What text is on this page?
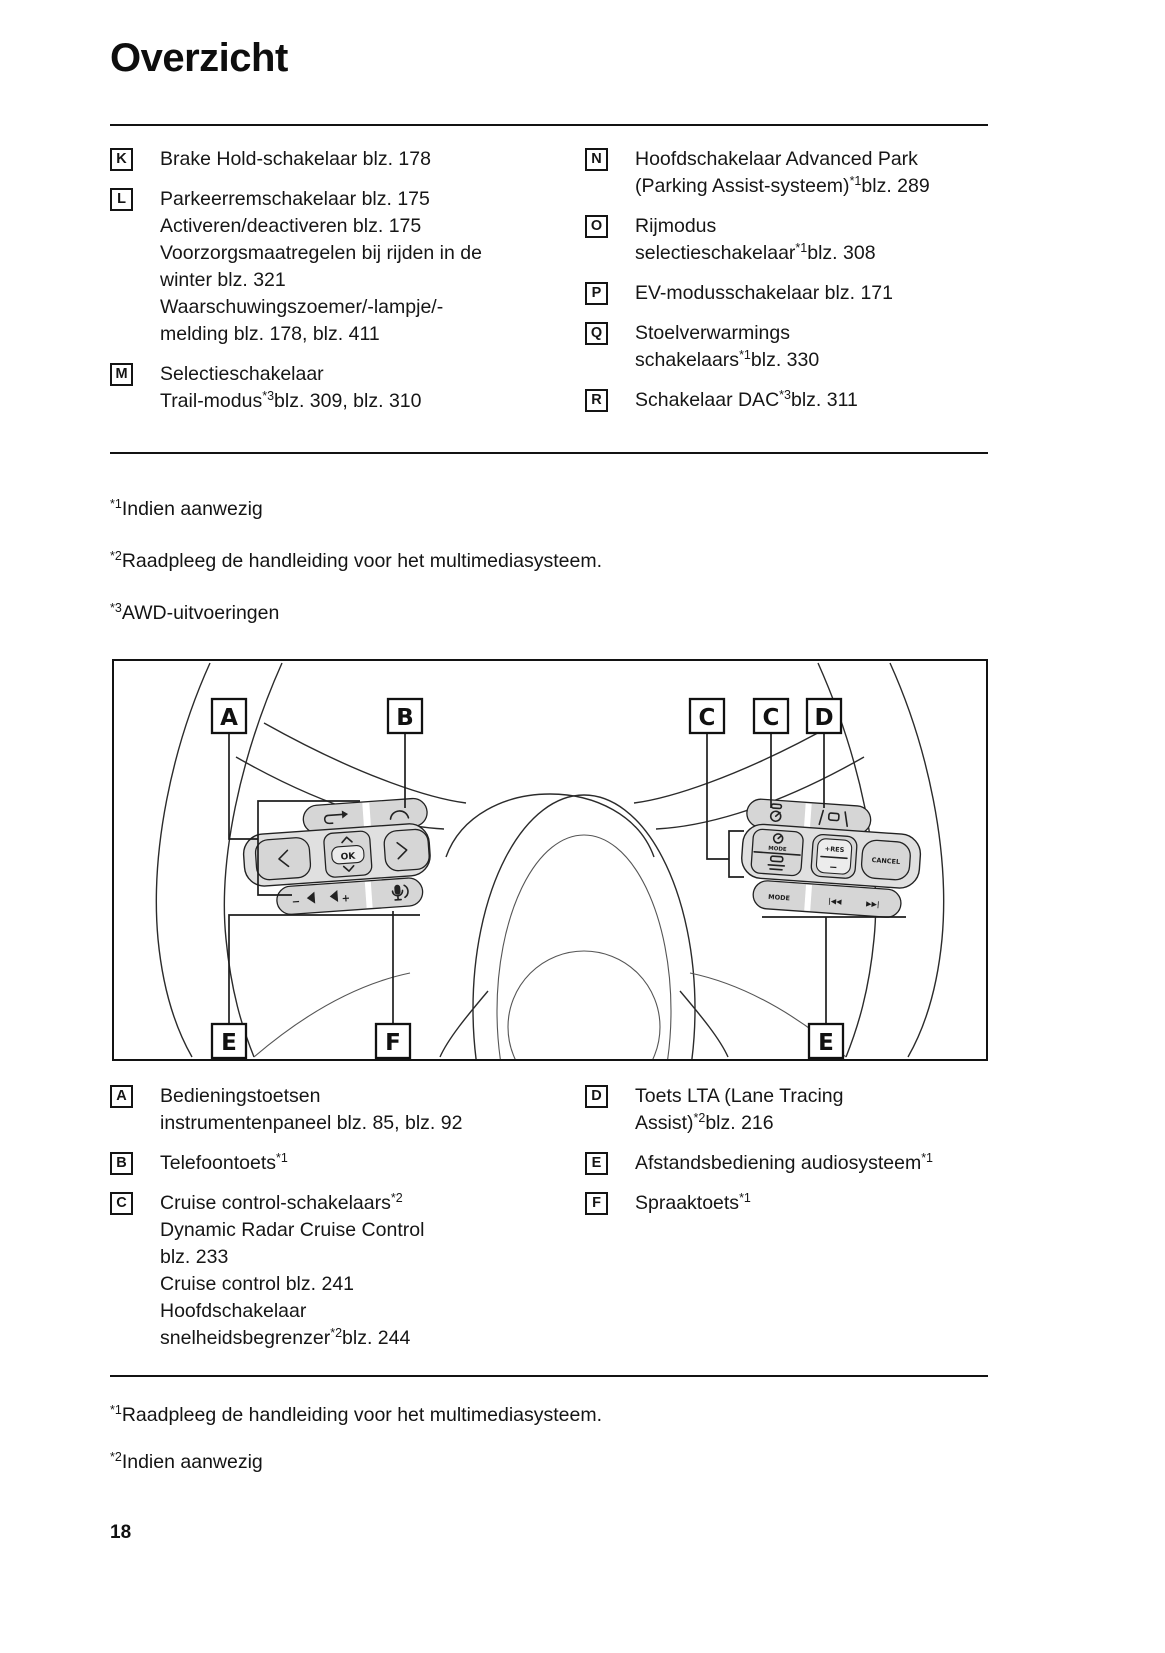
Overzicht
K	Brake Hold-schakelaar blz. 178
L	Parkeerremschakelaar blz. 175
Activeren/deactiveren blz. 175
Voorzorgsmaatregelen bij rijden in de
winter blz. 321
Waarschuwingszoemer/-lampje/-
melding blz. 178, blz. 411
M Selectieschakelaar
Trail-modus$^{*3}$blz. 309, blz. 310
N	Hoofdschakelaar Advanced Park
(Parking Assist-systeem)$^{*1}$blz. 289
O	Rijmodus
selectieschakelaar$^{*1}$blz. 308
P	EV-modusschakelaar blz. 171
Q	Stoelverwarmings
schakelaars$^{*1}$blz. 330
R	Schakelaar DAC$^{*3}$blz. 311
$^{*1}$Indien aanwezig
$^{*2}$Raadpleeg de handleiding voor het multimediasysteem.
$^{*3}$AWD-uitvoeringen
OK
−	+
MODE	+RES
−
CANCEL
MODE	|◀◀	▶▶|
A	B	C C D
E	F	E
A	Bedieningstoetsen
instrumentenpaneel blz. 85, blz. 92
B	Telefoontoets$^{*1}$
C	Cruise control-schakelaars$^{*2}$
Dynamic Radar Cruise Control
blz. 233
Cruise control blz. 241
Hoofdschakelaar
snelheidsbegrenzer$^{*2}$blz. 244
D	Toets LTA (Lane Tracing
Assist)$^{*2}$blz. 216
E	Afstandsbediening audiosysteem$^{*1}$
F	Spraaktoets$^{*1}$
$^{*1}$Raadpleeg de handleiding voor het multimediasysteem.
$^{*2}$Indien aanwezig
18
